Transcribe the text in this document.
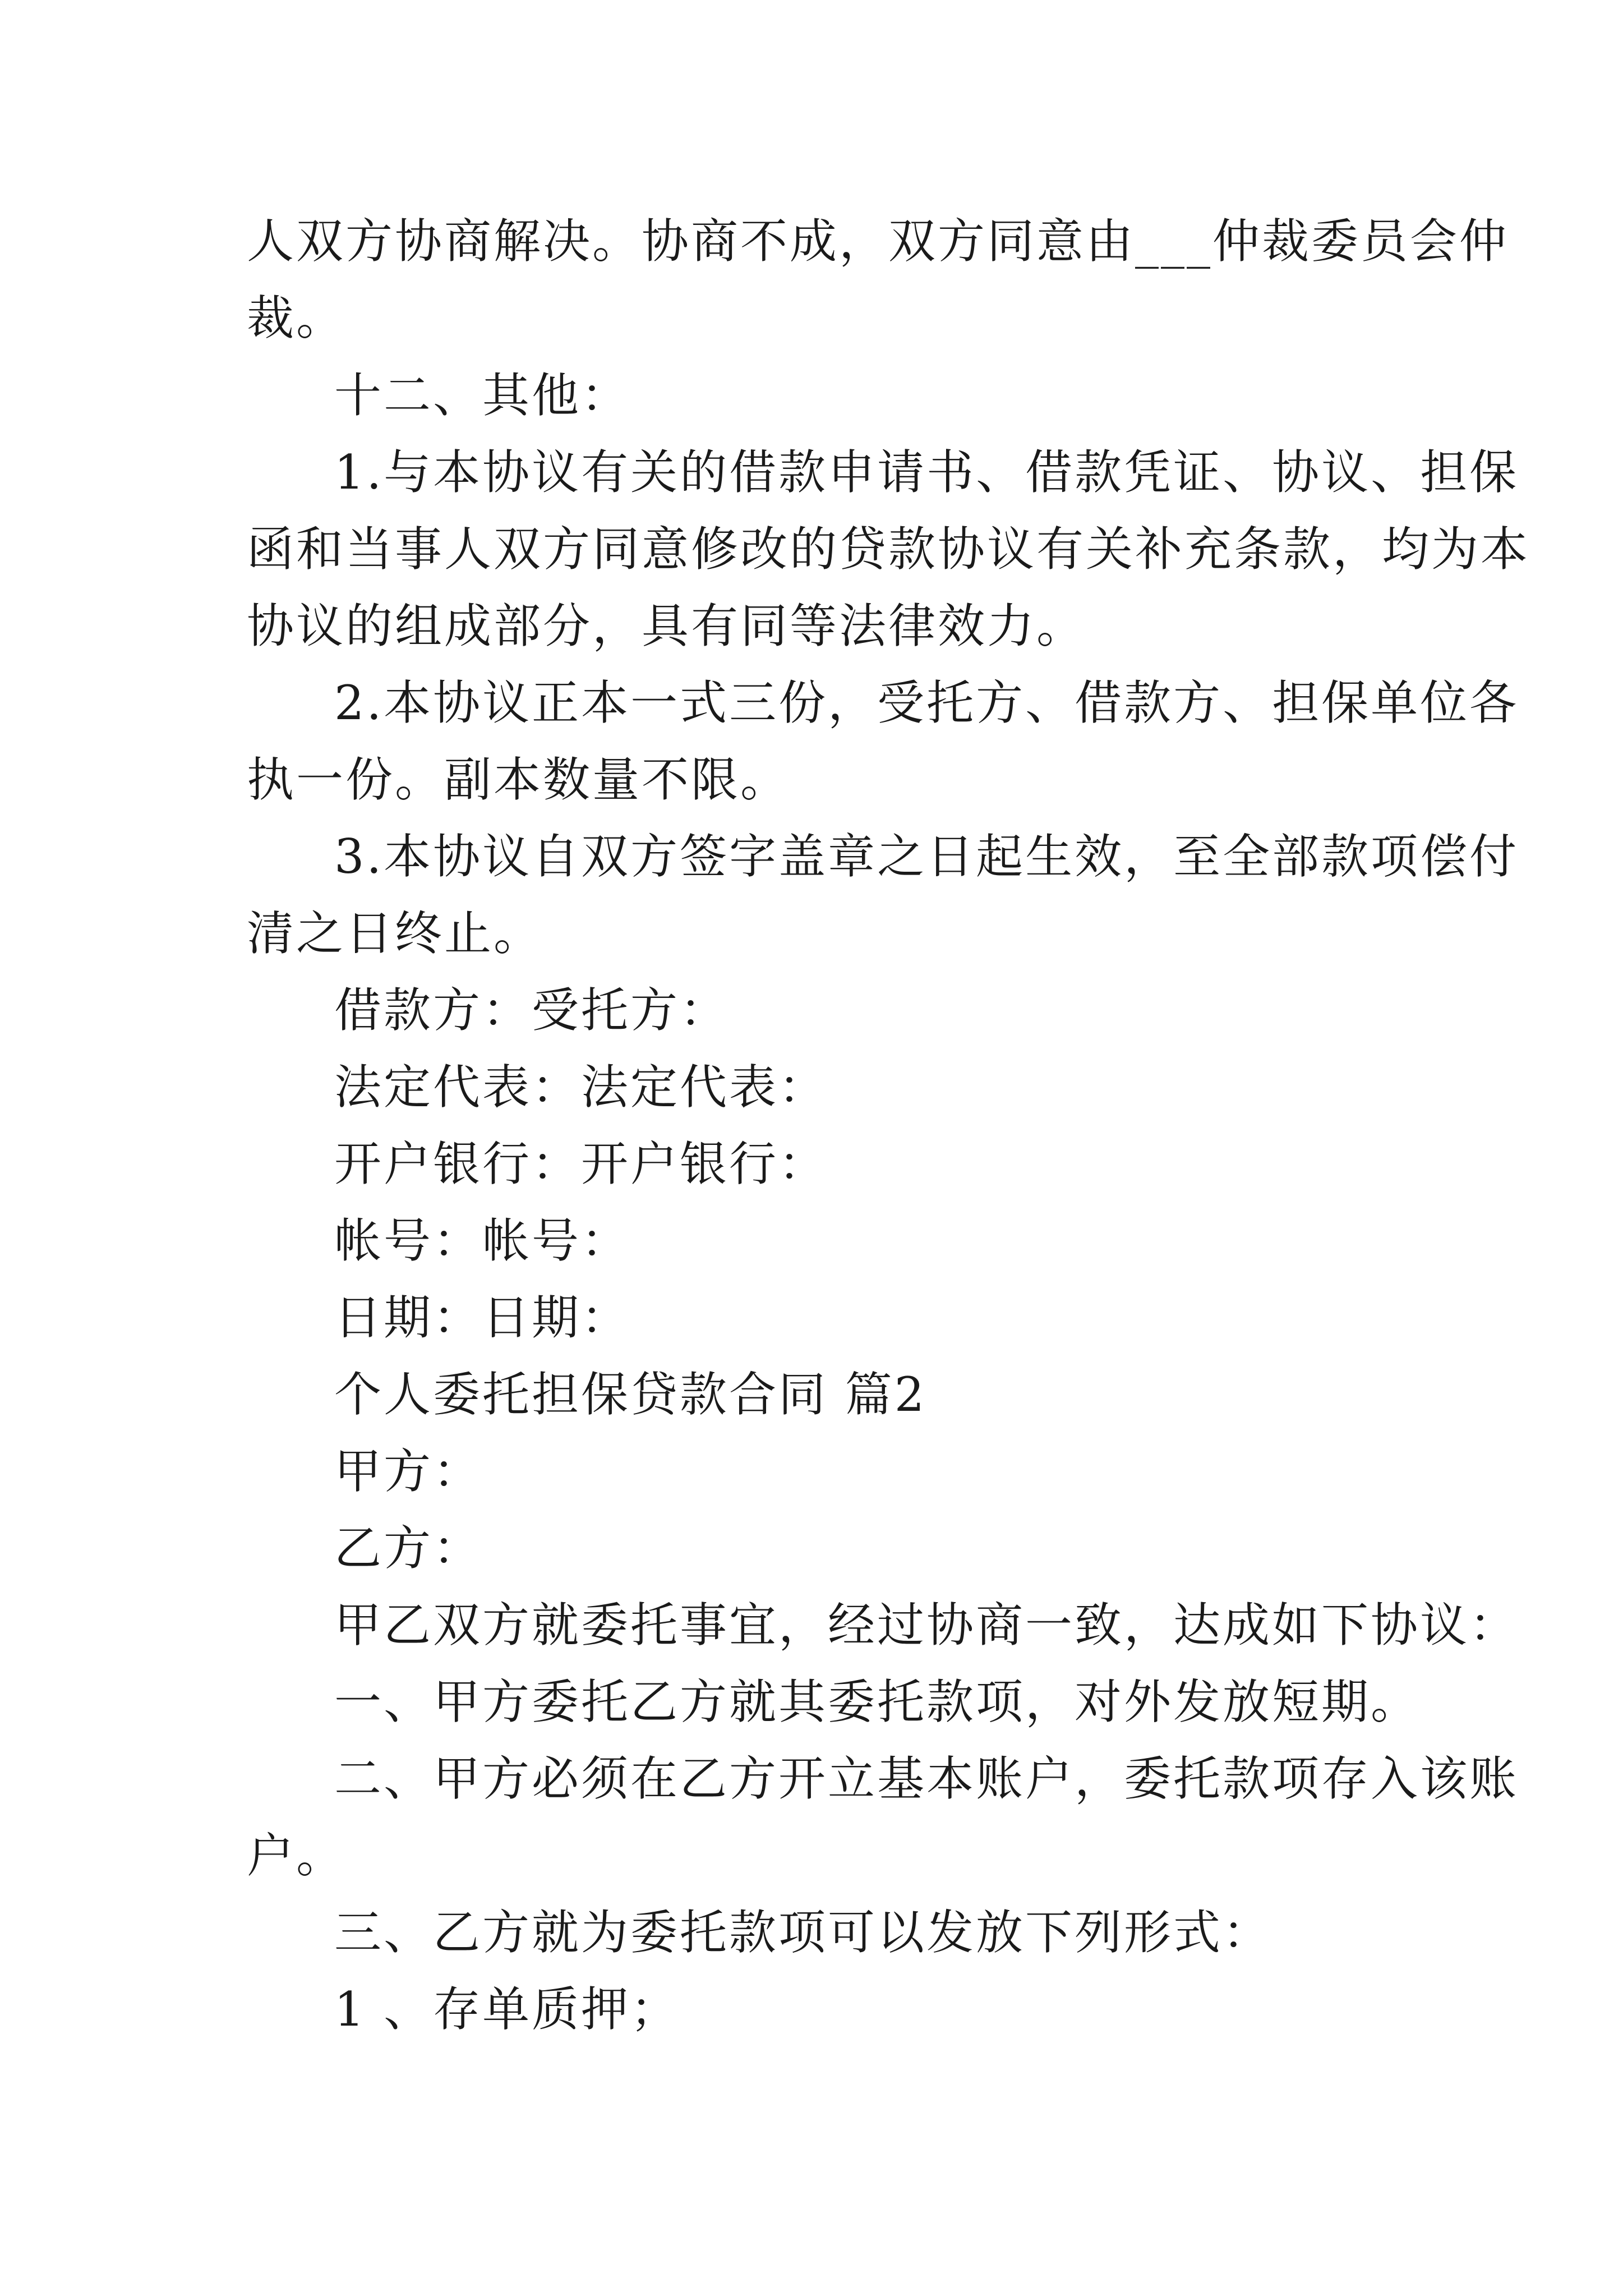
人双方协商解决。协商不成，双方同意由___仲裁委员会仲
裁。
十二、其他：
1.与本协议有关的借款申请书、借款凭证、协议、担保
函和当事人双方同意修改的贷款协议有关补充条款，均为本
协议的组成部分，具有同等法律效力。
2.本协议正本一式三份，受托方、借款方、担保单位各
执一份。副本数量不限。
3.本协议自双方签字盖章之日起生效，至全部款项偿付
清之日终止。
借款方：受托方：
法定代表：法定代表：
开户银行：开户银行：
帐号：帐号：
日期：日期：
个人委托担保贷款合同 篇2
甲方：
乙方：
甲乙双方就委托事宜，经过协商一致，达成如下协议：
一、甲方委托乙方就其委托款项，对外发放短期。
二、甲方必须在乙方开立基本账户，委托款项存入该账
户。
三、乙方就为委托款项可以发放下列形式：
1 、存单质押；
